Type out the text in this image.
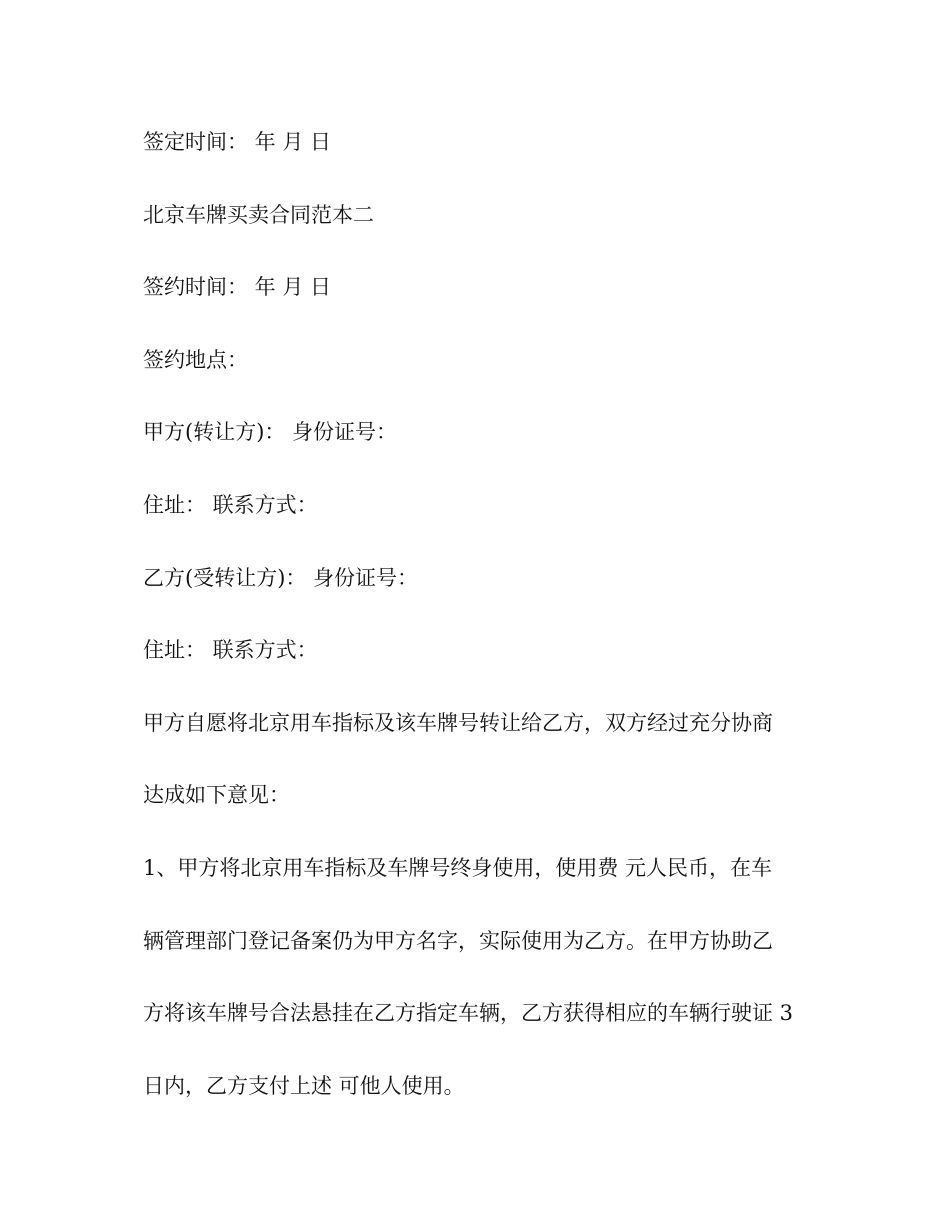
签定时间： 年 月 日
北京车牌买卖合同范本二
签约时间： 年 月 日
签约地点：
甲方(转让方)： 身份证号：
住址： 联系方式：
乙方(受转让方)： 身份证号：
住址： 联系方式：
甲方自愿将北京用车指标及该车牌号转让给乙方，双方经过充分协商
达成如下意见：
1、甲方将北京用车指标及车牌号终身使用，使用费 元人民币，在车
辆管理部门登记备案仍为甲方名字，实际使用为乙方。在甲方协助乙
方将该车牌号合法悬挂在乙方指定车辆，乙方获得相应的车辆行驶证 3
日内，乙方支付上述 可他人使用。
